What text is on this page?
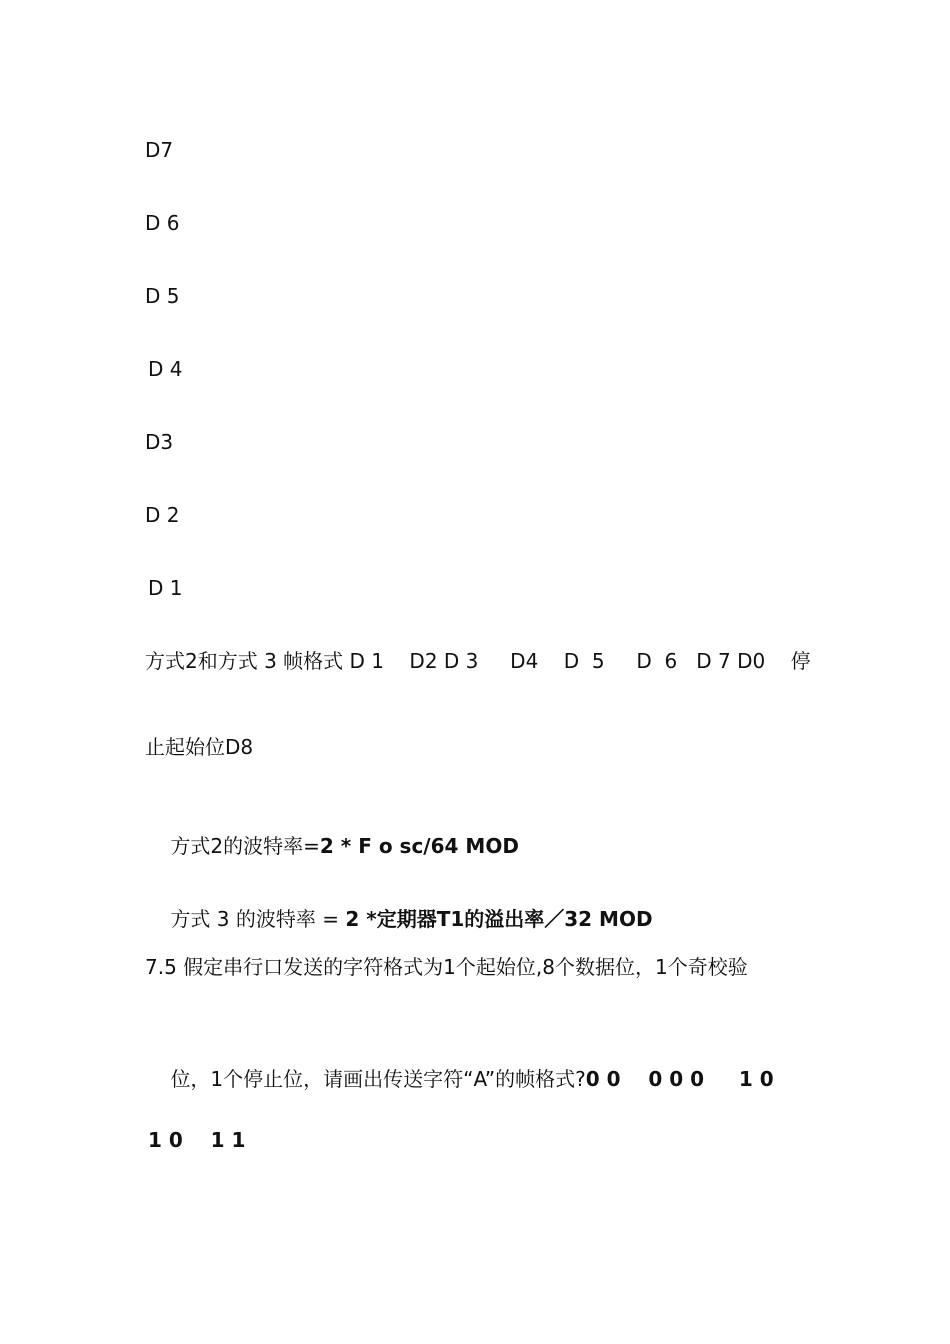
D7
D 6
D 5
D 4
D3
D 2
D 1
方式2和方式 3 帧格式 D 1    D2 D 3     D4    D  5     D  6   D 7 D0    停
止起始位D8

方式2的波特率=2 * F o sc/64 MOD

方式 3 的波特率 = 2 *定期器T1的溢出率／32 MOD

7.5 假定串行口发送的字符格式为1个起始位,8个数据位，1个奇校验

位，1个停止位，请画出传送字符“A”的帧格式?0 0    0 0 0     1 0

1 0    1 1
